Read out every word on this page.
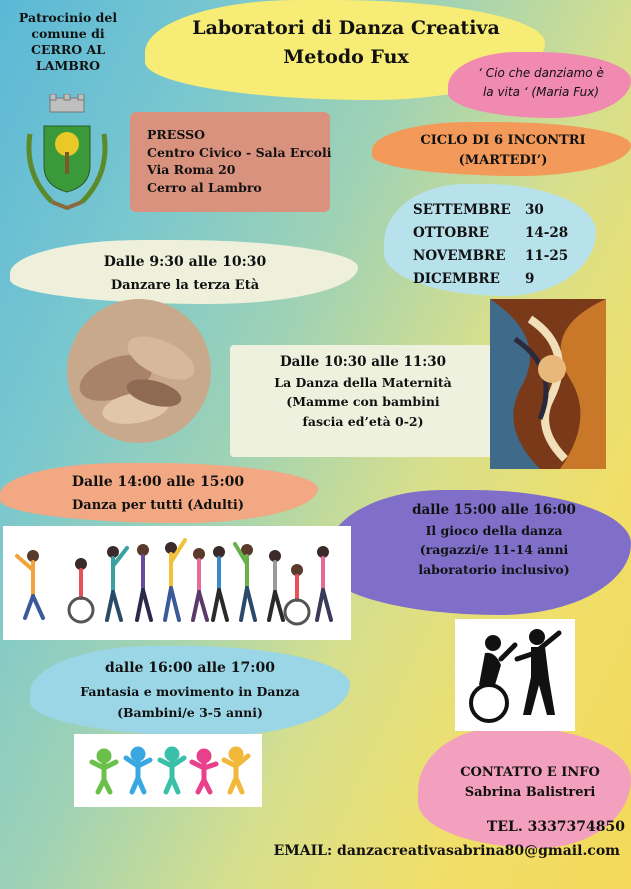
Patrocinio del
comune di
CERRO AL
LAMBRO
Laboratori di Danza Creativa
Metodo Fux
‘ Cio che danziamo è
la vita ‘ (Maria Fux)
PRESSO
Centro Civico - Sala Ercoli
Via Roma 20
Cerro al Lambro
CICLO DI 6 INCONTRI
(MARTEDI’)
SETTEMBRE 30
OTTOBRE	14-28
NOVEMBRE 11-25
DICEMBRE 9
Dalle 9:30 alle 10:30
Danzare la terza Età
Dalle 10:30 alle 11:30
La Danza della Maternità
(Mamme con bambini
fascia ed’età 0-2)
Dalle 14:00 alle 15:00
Danza per tutti (Adulti)	dalle 15:00 alle 16:00
Il gioco della danza
(ragazzi/e 11-14 anni
laboratorio inclusivo)
dalle 16:00 alle 17:00
Fantasia e movimento in Danza
(Bambini/e 3-5 anni)
CONTATTO E INFO
Sabrina Balistreri
TEL. 3337374850
EMAIL: danzacreativasabrina80@gmail.com
